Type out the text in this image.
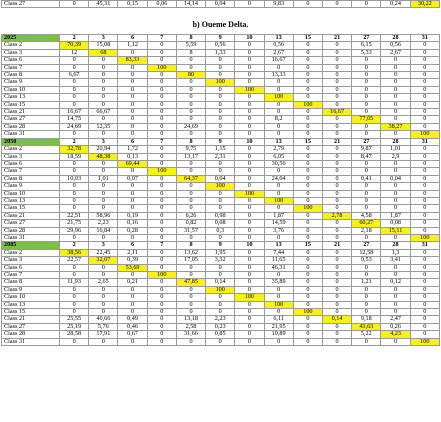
Class 27	0	45,31	0,15	0,06	14,14	0,04	0	9,83	0	0	0	0,24	30,22
b) Oueme Delta.
2025	2	3	6	7	8	9	10	13	15	21	27	28	31
Class 2	70,39	15,08	1,12	0	5,59	0,56	0	0,56	0	0	6,15	0,56	0
Class 3	12	68	0	0	8	1,33	0	2,67	0	0	5,33	2,67	0
Class 6	0	0	83,33	0	0	0	0	16,67	0	0	0	0	0
Class 7	0	0	0	100	0	0	0	0	0	0	0	0	0
Class 8	6,67	0	0	0	80	0	0	13,33	0	0	0	0	0
Class 9	0	0	0	0	0	100	0	0	0	0	0	0	0
Class 10	0	0	0	0	0	0	100	0	0	0	0	0	0
Class 13	0	0	0	0	0	0	0	100	0	0	0	0	0
Class 15	0	0	0	0	0	0	0	0	100	0	0	0	0
Class 21	16,67	66,67	0	0	0	0	0	0	0	16,67	0	0	0
Class 27	14,75	0	0	0	0	0	0	8,2	0	0	77,05	0	0
Class 28	24,69	12,35	0	0	24,69	0	0	0	0	0	0	38,27	0
Class 31	0	0	0	0	0	0	0	0	0	0	0	0	100
2050	2	3	6	7	8	9	10	13	15	21	27	28	31
Class 2	32,78	20,94	1,72	0	9,75	1,15	0	2,79	0	0	9,87	1,01	0
Class 3	18,59	48,38	0,13	0	13,17	2,31	0	6,05	0	0	8,47	2,9	0
Class 6	0	0	69,44	0	0	0	0	30,56	0	0	0	0	0
Class 7	0	0	0	100	0	0	0	0	0	0	0	0	0
Class 8	10,03	1,01	0,07	0	64,37	0,04	0	24,04	0	0	0,41	0,04	0
Class 9	0	0	0	0	0	100	0	0	0	0	0	0	0
Class 10	0	0	0	0	0	0	100	0	0	0	0	0	0
Class 13	0	0	0	0	0	0	0	100	0	0	0	0	0
Class 15	0	0	0	0	0	0	0	0	100	0	0	0	0
Class 21	22,51	58,96	0,19	0	6,26	0,98	0	1,87	0	2,78	4,58	1,87	0
Class 27	21,75	2,23	0,16	0	0,82	0,08	0	14,59	0	0	60,27	0,08	0
Class 28	29,96	16,84	0,28	0	31,57	0,3	0	3,76	0	0	2,18	15,11	0
Class 31	0	0	0	0	0	0	0	0	0	0	0	0	100
2085	2	3	6	7	8	9	10	13	15	21	27	28	31
Class 2	38,56	22,45	2,11	0	13,62	1,95	0	7,44	0	0	12,58	1,3	0
Class 3	22,57	32,07	0,39	0	17,05	3,32	0	11,65	0	0	9,53	3,41	0
Class 6	0	0	53,69	0	0	0	0	46,31	0	0	0	0	0
Class 7	0	0	0	100	0	0	0	0	0	0	0	0	0
Class 8	11,93	2,65	0,21	0	47,85	0,14	0	35,89	0	0	1,21	0,12	0
Class 9	0	0	0	0	0	100	0	0	0	0	0	0	0
Class 10	0	0	0	0	0	0	100	0	0	0	0	0	0
Class 13	0	0	0	0	0	0	0	100	0	0	0	0	0
Class 15	0	0	0	0	0	0	0	0	100	0	0	0	0
Class 21	25,55	40,66	0,49	0	13,18	2,23	0	6,11	0	0,14	9,18	2,47	0
Class 27	25,19	5,76	0,46	0	2,58	0,23	0	21,95	0	0	43,63	0,26	0
Class 28	28,58	17,91	0,67	0	31,66	0,85	0	10,89	0	0	5,22	4,23	0
Class 31	0	0	0	0	0	0	0	0	0	0	0	0	100
